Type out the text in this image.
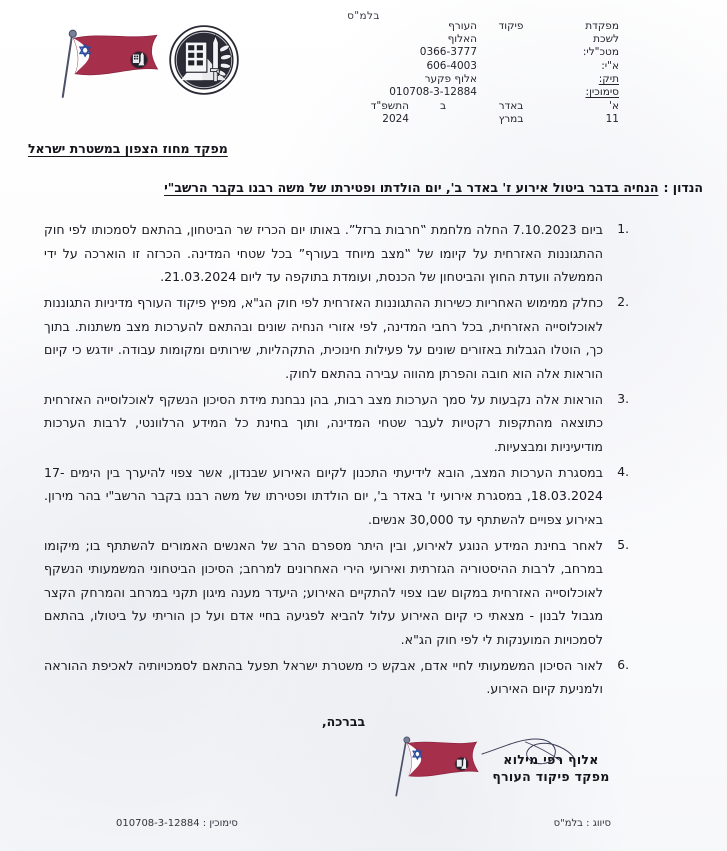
בלמ"ס
מפקדת
פיקוד
העורף
לשכת
האלוף
מטכ"לי:
0366-3777
א"י:
606-4003
תיק:
אלוף פקער
סימוכין:
010708-3-12884
א'
באדר
ב
התשפ"ד
11
במרץ
2024
מפקד מחוז הצפון במשטרת ישראל
הנדון :
הנחיה בדבר ביטול אירוע ז' באדר ב', יום הולדתו ופטירתו של משה רבנו בקבר הרשב"י
1.
ביום 7.10.2023 החלה מלחמת ‟חרבות ברזל”. באותו יום הכריז שר הביטחון, בהתאם לסמכותו לפי חוק ההתגוננות האזרחית על קיומו של ‟מצב מיוחד בעורף” בכל שטחי המדינה. הכרזה זו הוארכה על ידי הממשלה וועדת החוץ והביטחון של הכנסת, ועומדת בתוקפה עד ליום 21.03.2024.
2.
כחלק ממימוש האחריות כשירות ההתגוננות האזרחית לפי חוק הג"א, מפיץ פיקוד העורף מדיניות התגוננות לאוכלוסייה האזרחית, בכל רחבי המדינה, לפי אזורי הנחיה שונים ובהתאם להערכות מצב משתנות. בתוך כך, הוטלו הגבלות באזורים שונים על פעילות חינוכית, התקהליות, שירותים ומקומות עבודה. יודגש כי קיום הוראות אלה הוא חובה והפרתן מהווה עבירה בהתאם לחוק.
3.
הוראות אלה נקבעות על סמך הערכות מצב רבות, בהן נבחנת מידת הסיכון הנשקף לאוכלוסייה האזרחית כתוצאה מהתקפות רקטיות לעבר שטחי המדינה, ותוך בחינת כל המידע הרלוונטי, לרבות הערכות מודיעיניות ומבצעיות.
4.
במסגרת הערכות המצב, הובא לידיעתי התכנון לקיום האירוע שבנדון, אשר צפוי להיערך בין הימים 17-18.03.2024, במסגרת אירועי ז' באדר ב', יום הולדתו ופטירתו של משה רבנו בקבר הרשב"י בהר מירון. באירוע צפויים להשתתף עד 30,000 אנשים.
5.
לאחר בחינת המידע הנוגע לאירוע, ובין היתר מספרם הרב של האנשים האמורים להשתתף בו; מיקומו במרחב, לרבות ההיסטוריה הגזרתית ואירועי הירי האחרונים למרחב; הסיכון הביטחוני המשמעותי הנשקף לאוכלוסייה האזרחית במקום שבו צפוי להתקיים האירוע; היעדר מענה מיגון תקני במרחב והמרחק הקצר מגבול לבנון - מצאתי כי קיום האירוע עלול להביא לפגיעה בחיי אדם ועל כן הוריתי על ביטולו, בהתאם לסמכויות המוענקות לי לפי חוק הג"א.
6.
לאור הסיכון המשמעותי לחיי אדם, אבקש כי משטרת ישראל תפעל בהתאם לסמכויותיה לאכיפת ההוראה ולמניעת קיום האירוע.
בברכה,
אלוף רפי מילוא
מפקד פיקוד העורף
סיווג : בלמ"ס
סימוכין : 010708-3-12884
